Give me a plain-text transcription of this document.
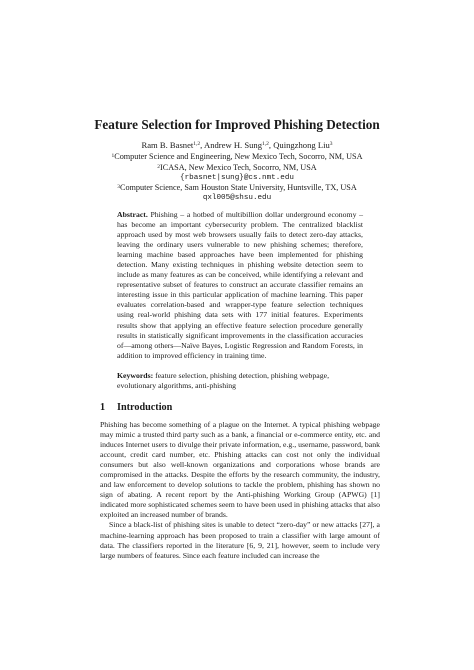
Feature Selection for Improved Phishing Detection
Ram B. Basnet$^{1,2}$, Andrew H. Sung$^{1,2}$, Quingzhong Liu$^3$
$^1$Computer Science and Engineering, New Mexico Tech, Socorro, NM, USA
$^2$ICASA, New Mexico Tech, Socorro, NM, USA
{rbasnet|sung}@cs.nmt.edu
$^3$Computer Science, Sam Houston State University, Huntsville, TX, USA
qxl005@shsu.edu
Abstract. Phishing – a hotbed of multibillion dollar underground economy – has become an important cybersecurity problem. The centralized blacklist approach used by most web browsers usually fails to detect zero-day attacks, leaving the ordinary users vulnerable to new phishing schemes; therefore, learning machine based approaches have been implemented for phishing detection. Many existing techniques in phishing website detection seem to include as many features as can be conceived, while identifying a relevant and representative subset of features to construct an accurate classifier remains an interesting issue in this particular application of machine learning. This paper evaluates correlation-based and wrapper-type feature selection techniques using real-world phishing data sets with 177 initial features. Experiments results show that applying an effective feature selection procedure generally results in statistically significant improvements in the classification accuracies of—among others—Naïve Bayes, Logistic Regression and Random Forests, in addition to improved efficiency in training time.
Keywords: feature selection, phishing detection, phishing webpage, evolutionary algorithms, anti-phishing
1 Introduction

Phishing has become something of a plague on the Internet. A typical phishing webpage may mimic a trusted third party such as a bank, a financial or e-commerce entity, etc. and induces Internet users to divulge their private information, e.g., username, password, bank account, credit card number, etc. Phishing attacks can cost not only the individual consumers but also well-known organizations and corporations whose brands are compromised in the attacks. Despite the efforts by the research community, the industry, and law enforcement to develop solutions to tackle the problem, phishing has shown no sign of abating. A recent report by the Anti-phishing Working Group (APWG) [1] indicated more sophisticated schemes seem to have been used in phishing attacks that also exploited an increased number of brands.

Since a black-list of phishing sites is unable to detect “zero-day” or new attacks [27], a machine-learning approach has been proposed to train a classifier with large amount of data. The classifiers reported in the literature [6, 9, 21], however, seem to include very large numbers of features. Since each feature included can increase the
